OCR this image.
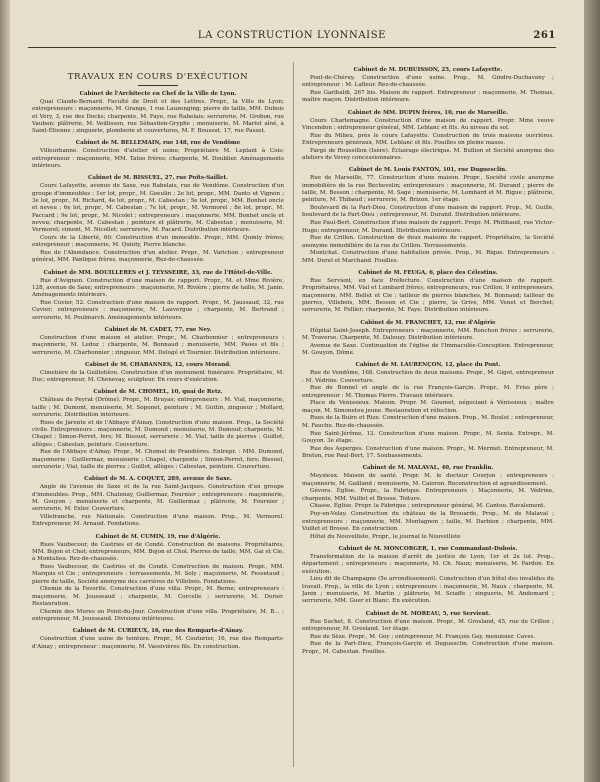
LA CONSTRUCTION LYONNAISE	261
TRAVAUX EN COURS D'EXÉCUTION
Cabinet de l'Architecte en Chef de la Ville de Lyon.
Quai Claude-Bernard. Faculté de Droit et des Lettres. Propr., la Ville de Lyon; entrepreneurs : maçonnerie, M. Grange, 1 rue Lauzenging; pierre de taille, MM. Dubois et Véry, 3, rue des Docks; charpente, M. Faye, rue Rabelais; serrurerie, M. Grobon, rue Vauban; plâtrerie, M. Veillisson, rue Sébastien-Gryphe ; menuiserie, M. Mariot aîné, à Saint-Étienne ; zinguerie, plomberie et couvertures, M. F. Boussut, 17, rue Passet.
Cabinet de M. BELLEMAIN, rue 148, rue de Vendôme
Villeurbanne. Construction d'atelier et usine; Propriétaire M. Leplant à Cois; entrepreneur : maçonnerie, MM. Tatoo frères; charpente, M. Doublier. Aménagements intérieurs.
Cabinet de M. BISSUEL, 27, rue Poits-Saillet.
Cours Lafayette, avenue de Saxe, rue Rabelais, rue de Vendôme. Construction d'un groupe d'immeubles : 1er lot, propr., M. Goeulin ; 2e lot, propr., MM. Danto et Vignon ; 3e lot, propr., M. Richard, 4e lot, propr., M. Cabestan ; 5e lot, propr., MM. Bonhet oncle et neveu ; 6e lot, propr., M. Cabestan ; 7e lot, propr., M. Vermorel ; 8e lot, propr., M. Paccard ; 9e lot, propr., M. Nicolet ; entrepreneurs : maçonnerie, MM. Bonhet oncle et neveu; charpente, M. Cabestan ; peinture et plâtrerie, M. Cabestan ; menuiserie, M. Vermorel; ciment, M. Nicollet; serrurerie, M. Pacard. Distribution intérieure.
Cours de la Liberté, 60. Construction d'un immeuble. Propr., MM. Quinty frères; entrepreneur : maçonnerie, M. Quinty, Pierre blanche.
Rue de l'Abondance. Construction d'un atelier. Propr., M. Varichon ; entrepreneur général, MM. Panlique frères, maçonnerie, Rez-de-chaussée.
Cabinet de MM. BOUILLERES et J. TEYSSEIRE, 33, rue de l'Hôtel-de-Ville.
Rue d'Avignon. Construction d'une maison de rapport. Propr., M. et Mme Rivière, 128, avenue de Saxe; entrepreneurs : maçonnerie, M. Rivière ; pierre de taille, M. Janin. Aménagements intérieurs.
Rue Cuvier, 52. Construction d'une maison de rapport. Propr., M. Jaussaud, 32, rue Cuvier; entrepreneurs : maçonnerie, M. Lauvergue ; charpente, M. Bertrand ; serrurerie, M. Poulmarch. Aménagements intérieurs.
Cabinet de M. CADET, 77, rue Ney.
Construction d'une maison et atelier. Propr., M. Charbonnier ; entrepreneurs : maçonnerie, M. Ledoz ; charpente, M. Bonnaud ; menuiserie, MM. Paoes et fils ; serrurerie, M. Charbonnier ; zingueur, MM. Delogé et Tournier. Distribution intérieure.
Cabinet de M. CHABANNES, 12, cours Morand.
Cimetière de la Guillotière. Construction d'un monument funéraire. Propriétaire, M. Duc; entrepreneur, M. Chenevay, sculpteur. En cours d'exécution.
Cabinet de M. CHOMEL, 10, quai de Retz.
Château de Peyrat (Drôme). Propr., M. Bruyas; entrepreneurs : M. Vial, maçonnerie, taille ; M. Dumont, menuiserie, M. Soponet, peinture ; M. Guttin, zingueur ; Mollard, serrurerie. Distribution intérieure.
Rues de Jarente et de l'Abbaye d'Ainay. Construction d'une maison. Prop., la Société civile. Entrepreneurs : maçonnerie, M. Dumond ; menuiserie, M. Dumouf; charpente, M. Chapel ; Simon-Perret, fers; M. Bissuel, serrurerie ; M. Vial, taille de pierres ; Guillot, allèges ; Cabestan, peinture. Couverture.
Rue de l'Abbaye d'Ainay. Propr., M. Chomel de Prandières. Entrepr. : MM. Dumond, maçonnerie ; Guillermaz, menuiserie ; Chapel, charpente ; Simon-Perret, fers; Bissuel, serrurerie ; Vial, taille de pierres ; Guillot, allèges ; Cabestan, peinture. Couverture.
Cabinet de M. A. COQUET, 289, avenue de Saxe.
Angle de l'avenue de Saxe et de la rue Saint-Jacques. Construction d'un groupe d'immeubles. Prop., MM. Chatenay, Guillermaz, Fournier ; entrepreneurs : maçonnerie, M. Gouyon ; menuiserie et charpente, M. Guillermaz ; plâtrerie, M. Fournier ; serrurerie, M. Exler. Couverture.
Villefranche, rue Nationale. Construction d'une maison. Prop., M. Vermorel. Entrepreneur, M. Arnaud. Fondations.
Cabinet de M. CUMIN, 19, rue d'Algérie.
Rues Vaubecour, de Castries et de Condé. Construction de maisons. Propriétaires, MM. Bojon et Chol; entrepreneurs, MM. Bojon et Chol. Pierres de taille, MM. Gai et Cie, à Montalieu. Rez-de-chaussée.
Rues Vaubecour, de Castries et de Condé. Construction de maison. Propr., MM. Marquis et Cie ; entrepreneurs : terrassements, M. Soly ; maçonnerie, M. Fessetaud ; pierre de taille, Société anonyme des carrières de Villebois. Fondations.
Chemin de la Favorite. Construction d'une villa. Propr., M. Berne; entrepreneurs : maçonnerie, M. Jousseaud ; charpente, M. Corcelle ; serrurerie, M. Dorier. Restauration.
Chemin des Mures ou Point-du-Jour. Construction d'une villa. Propriétaire, M. B... ; entrepreneur, M. Jousseaud. Divisions intérieures.
Cabinet de M. CURIEUX, 16, rue des Remparts-d'Ainay.
Construction d'une usine de teinture. Propr., M. Couturier, 16, rue des Remparts-d'Ainay ; entrepreneur : maçonnerie, M. Vassivières fils. En construction.
Cabinet de M. DUBUISSON, 25, cours Lafayette.
Pont-de-Chéruy. Construction d'une usine. Prop., M. Gindre-Duchavany ; entrepreneur : M. Lafleur. Rez-de-chaussée.
Rue Garibaldi, 267 bis. Maison de rapport. Entrepreneur : maçonnerie, M. Thomas, maître maçon. Distribution intérieure.
Cabinet de MM. DUPIN frères, 10, rue de Marseille.
Cours Charlemagne. Construction d'une maison de rapport. Propr. Mme veuve Vincendon ; entrepreneur général, MM. Leblanc et fils. Au niveau du sol.
Rue du Milieu, près le cours Lafayette. Construction de trois maisons ouvrières. Entrepreneurs généraux, MM. Leblanc et fils. Fouilles en pleine masse.
Fargé de Roussillon (Isère). Éclairage électrique. M. Bullion et Société anonyme des ateliers de Vevey concessionnaires.
Cabinet de M. Louis FANTON, 101, rue Duguesclin.
Rue de Marseille, 77. Construction d'une maison. Propr., Société civile anonyme immobilière de la rue Bechevelin; entrepreneurs : maçonnerie, M. Durand ; pierre de taille, M. Besson ; charpente, M. Sage ; menuiserie, M. Lombard et M. Rigue ; plâtrerie, peinture, M. Thibaud ; serrurerie, M. Brizon. 1er étage.
Boulevard de la Part-Dieu. Construction d'une maison de rapport. Prop., M. Guille, boulevard de la Part-Dieu ; entrepreneur, M. Durand. Distribution intérieure.
Rue Paul-Bert. Construction d'une maison de rapport. Propr. M. Philibaud, rue Victor-Hugo; entrepreneur, M. Durand. Distribution intérieure.
Rue de Crillon. Construction de deux maisons de rapport. Propriétaire, la Société anonyme immobilière de la rue de Crillon. Terrassements.
Montchat. Construction d'une habitation privée. Prop., M. Rique. Entrepreneurs : MM. Durel et Marchand. Fouilles.
Cabinet de M. FEUGA, 6, place des Célestins.
Rue Servient, en face Préfecture. Construction d'une maison de rapport. Propriétaires, MM. Vial et Lombard frères, entrepreneurs, rue Crillon. 9 entrepreneurs, maçonnerie, MM. Bellet et Cie ; tailleur de pierres blanches, M. Bonnaud; tailleur de pierres, Villebois, MM. Besson et Cie ; pierre, la Grive, MM. Venet et Berchet; serrurerie, M. Follier; charpente, M. Faye. Distribution intérieure.
Cabinet de M. FRANCHET, 12, rue d'Algérie
Hôpital Saint-Joseph. Entrepreneurs : maçonnerie, MM. Ronchon frères ; serrurerie, M. Traverse. Charpente, M. Dalouzy. Distribution intérieure.
Avenue de Saxe. Continuation de l'église de l'Immaculée-Conception. Entrepreneur, M. Gouyon, Dôme.
Cabinet de M. LAURENÇON, 12, place du Pont.
Rue de Vendôme, 168. Construction de deux maisons. Propr., M. Gigot, entrepreneur : M. Védrine. Couverture.
Rue de Bonnel et angle de la rue François-Garçin. Propr., M. Friss père ; entrepreneur : M. Thomas Pierre. Travaux intérieurs.
Place de Venissieux. Maison. Propr. M. Goumet, négociant à Vénissieux ; maître maçon, M. Simonetou jeune. Restauration et réfection.
Rues de la Buire et Rize. Construction d'une maison. Prop., M. Boulot ; entrepreneur, M. Fauche. Rez-de-chaussée.
Rue Saint-Jérôme, 12. Construction d'une maison. Propr., M. Senta. Entrepr., M. Gouyon. 3e étage.
Rue des Asperges. Construction d'une maison. Propr., M. Mermet. Entrepreneur, M. Breton, rue Paul-Bert, 17. Soubassements.
Cabinet de M. MALAVAL, 40, rue Franklin.
Meyzieux. Maison de santé. Propr. M. le docteur Courjon ; entrepreneurs : maçonnerie, M. Gailland ; menuiserie, M. Caioron. Reconstruction et agrandissement.
Gévora. Église. Propr., la Fabrique. Entrepreneurs : Maçonnerie, M. Védrine, charpente, MM. Vuillet et Brosse. Toiture.
Chasse. Église. Propr. la Fabrique ; entrepreneur général, M. Cantou. Ravalement.
Puy-en-Velay. Construction du château de la Brouarde, Prop., M. de Malaval ; entrepreneurs : maçonnerie, MM. Montagnon ; taille, M. Darbion ; charpente, MM. Vuillet et Brosse. En construction.
Hôtel du Nouvelliste, Propr., le journal le Nouvelliste
Cabinet de M. MONCORGER, 1, rue Commandant-Dubois.
Transformation de la maison d'arrêt de justice de Lyon, 1er et 2e lot. Prop., département ; entrepreneurs : maçonnerie, M. Ch. Naux; menuiserie, M. Pardon. En exécution.
Lieu dit de Champagne (5e arrondissement). Construction d'un hôtel des invalides du travail. Prop., la ville de Lyon ; entrepreneurs : maçonnerie, M. Naux ; charpente, M. Janin ; menuiserie, M. Martin ; plâtrerie, M. Sciaffe ; zinguerie, M. Andemard ; serrurerie, MM. Guer et Blanc. En exécution.
Cabinet de M. MOREAU, 5, rue Servient.
Rue Suchet, 8. Construction d'une maison. Propr., M. Grosland, 45, rue de Crillon ; entrepreneur, M. Grosland. 1er étage.
Rue de Sèze. Propr., M. Goy ; entrepreneur, M. François Gay, menuisier. Caves.
Rue de la Part-Dieu, François-Garçin et Duguesclin. Construction d'une maison. Propr., M. Cabestan. Fouilles.
